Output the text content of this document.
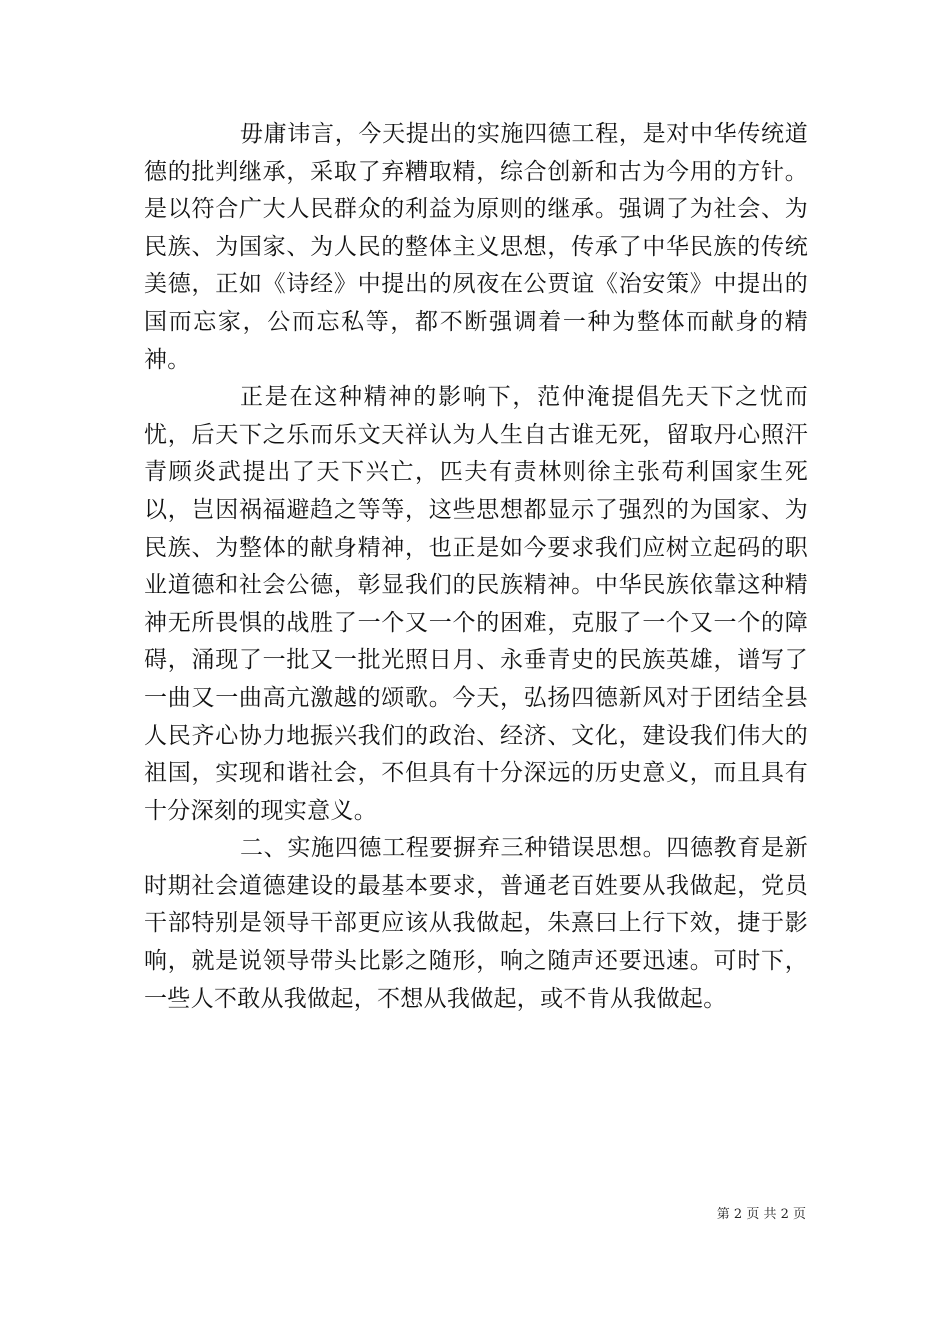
毋庸讳言，今天提出的实施四德工程，是对中华传统道德的批判继承，采取了弃糟取精，综合创新和古为今用的方针。是以符合广大人民群众的利益为原则的继承。强调了为社会、为民族、为国家、为人民的整体主义思想，传承了中华民族的传统美德，正如《诗经》中提出的夙夜在公贾谊《治安策》中提出的国而忘家，公而忘私等，都不断强调着一种为整体而献身的精神。

正是在这种精神的影响下，范仲淹提倡先天下之忧而忧，后天下之乐而乐文天祥认为人生自古谁无死，留取丹心照汗青顾炎武提出了天下兴亡，匹夫有责林则徐主张苟利国家生死以，岂因祸福避趋之等等，这些思想都显示了强烈的为国家、为民族、为整体的献身精神，也正是如今要求我们应树立起码的职业道德和社会公德，彰显我们的民族精神。中华民族依靠这种精神无所畏惧的战胜了一个又一个的困难，克服了一个又一个的障碍，涌现了一批又一批光照日月、永垂青史的民族英雄，谱写了一曲又一曲高亢激越的颂歌。今天，弘扬四德新风对于团结全县人民齐心协力地振兴我们的政治、经济、文化，建设我们伟大的祖国，实现和谐社会，不但具有十分深远的历史意义，而且具有十分深刻的现实意义。

二、实施四德工程要摒弃三种错误思想。四德教育是新时期社会道德建设的最基本要求，普通老百姓要从我做起，党员干部特别是领导干部更应该从我做起，朱熹曰上行下效，捷于影响，就是说领导带头比影之随形，响之随声还要迅速。可时下，一些人不敢从我做起，不想从我做起，或不肯从我做起。

第 2 页 共 2 页
